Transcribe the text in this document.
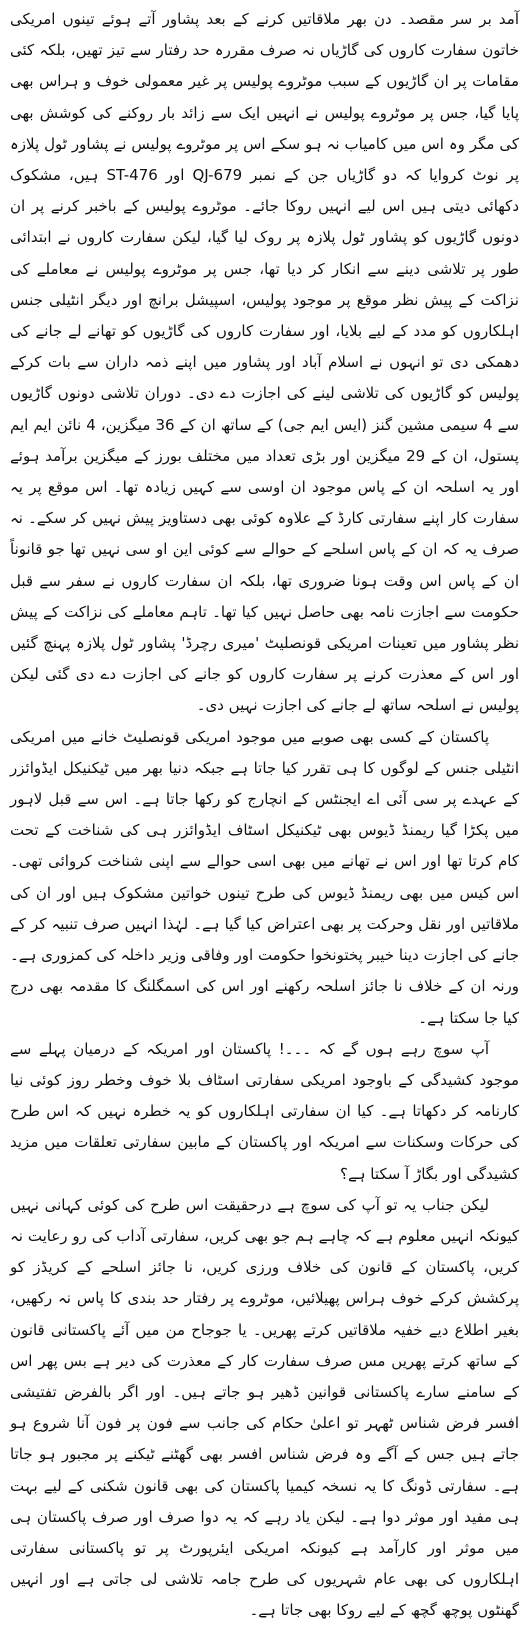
آمد بر سر مقصد۔ دن بھر ملاقاتیں کرنے کے بعد پشاور آتے ہوئے تینوں امریکی خاتون سفارت کاروں کی گاڑیاں نہ صرف مقررہ حد رفتار سے تیز تھیں، بلکہ کئی مقامات پر ان گاڑیوں کے سبب موٹروے پولیس پر غیر معمولی خوف و ہراس بھی پایا گیا، جس پر موٹروے پولیس نے انہیں ایک سے زائد بار روکنے کی کوشش بھی کی مگر وہ اس میں کامیاب نہ ہو سکے اس پر موٹروے پولیس نے پشاور ٹول پلازہ پر نوٹ کروایا کہ دو گاڑیاں جن کے نمبر QJ-679 اور ST-476 ہیں، مشکوک دکھائی دیتی ہیں اس لیے انہیں روکا جائے۔ موٹروے پولیس کے باخبر کرنے پر ان دونوں گاڑیوں کو پشاور ٹول پلازہ پر روک لیا گیا، لیکن سفارت کاروں نے ابتدائی طور پر تلاشی دینے سے انکار کر دیا تھا، جس پر موٹروے پولیس نے معاملے کی نزاکت کے پیش نظر موقع پر موجود پولیس، اسپیشل برانچ اور دیگر انٹیلی جنس اہلکاروں کو مدد کے لیے بلایا، اور سفارت کاروں کی گاڑیوں کو تھانے لے جانے کی دھمکی دی تو انہوں نے اسلام آباد اور پشاور میں اپنے ذمہ داران سے بات کرکے پولیس کو گاڑیوں کی تلاشی لینے کی اجازت دے دی۔ دوران تلاشی دونوں گاڑیوں سے 4 سیمی مشین گنز (ایس ایم جی) کے ساتھ ان کے 36 میگزین، 4 نائن ایم ایم پستول، ان کے 29 میگزین اور بڑی تعداد میں مختلف بورز کے میگزین برآمد ہوئے اور یہ اسلحہ ان کے پاس موجود ان اوسی سے کہیں زیادہ تھا۔ اس موقع پر یہ سفارت کار اپنے سفارتی کارڈ کے علاوہ کوئی بھی دستاویز پیش نہیں کر سکے۔ نہ صرف یہ کہ ان کے پاس اسلحے کے حوالے سے کوئی این او سی نہیں تھا جو قانوناً ان کے پاس اس وقت ہونا ضروری تھا، بلکہ ان سفارت کاروں نے سفر سے قبل حکومت سے اجازت نامہ بھی حاصل نہیں کیا تھا۔ تاہم معاملے کی نزاکت کے پیش نظر پشاور میں تعینات امریکی قونصلیٹ 'میری رچرڈ' پشاور ٹول پلازہ پہنچ گئیں اور اس کے معذرت کرنے پر سفارت کاروں کو جانے کی اجازت دے دی گئی لیکن پولیس نے اسلحہ ساتھ لے جانے کی اجازت نہیں دی۔

پاکستان کے کسی بھی صوبے میں موجود امریکی قونصلیٹ خانے میں امریکی انٹیلی جنس کے لوگوں کا ہی تقرر کیا جاتا ہے جبکہ دنیا بھر میں ٹیکنیکل ایڈوائزر کے عہدے پر سی آئی اے ایجنٹس کے انچارج کو رکھا جاتا ہے۔ اس سے قبل لاہور میں پکڑا گیا ریمنڈ ڈیوس بھی ٹیکنیکل اسٹاف ایڈوائزر ہی کی شناخت کے تحت کام کرتا تھا اور اس نے تھانے میں بھی اسی حوالے سے اپنی شناخت کروائی تھی۔ اس کیس میں بھی ریمنڈ ڈیوس کی طرح تینوں خواتین مشکوک ہیں اور ان کی ملاقاتیں اور نقل وحرکت پر بھی اعتراض کیا گیا ہے۔ لہٰذا انہیں صرف تنبیہ کر کے جانے کی اجازت دینا خیبر پختونخوا حکومت اور وفاقی وزیر داخلہ کی کمزوری ہے۔ ورنہ ان کے خلاف نا جائز اسلحہ رکھنے اور اس کی اسمگلنگ کا مقدمہ بھی درج کیا جا سکتا ہے۔

آپ سوچ رہے ہوں گے کہ ۔۔۔! پاکستان اور امریکہ کے درمیان پہلے سے موجود کشیدگی کے باوجود امریکی سفارتی اسٹاف بلا خوف وخطر روز کوئی نیا کارنامہ کر دکھاتا ہے۔ کیا ان سفارتی اہلکاروں کو یہ خطرہ نہیں کہ اس طرح کی حرکات وسکنات سے امریکہ اور پاکستان کے مابین سفارتی تعلقات میں مزید کشیدگی اور بگاڑ آ سکتا ہے؟

لیکن جناب یہ تو آپ کی سوچ ہے درحقیقت اس طرح کی کوئی کہانی نہیں کیونکہ انہیں معلوم ہے کہ چاہے ہم جو بھی کریں، سفارتی آداب کی رو رعایت نہ کریں، پاکستان کے قانون کی خلاف ورزی کریں، نا جائز اسلحے کے کریڈز کو پرکشش کرکے خوف ہراس پھیلائیں، موٹروے پر رفتار حد بندی کا پاس نہ رکھیں، بغیر اطلاع دیے خفیہ ملاقاتیں کرتے پھریں۔ یا جوجاح من میں آئے پاکستانی قانون کے ساتھ کرتے پھریں مس صرف سفارت کار کے معذرت کی دیر ہے بس پھر اس کے سامنے سارے پاکستانی قوانین ڈھیر ہو جاتے ہیں۔ اور اگر بالفرض تفتیشی افسر فرض شناس ٹھہر تو اعلیٰ حکام کی جانب سے فون پر فون آنا شروع ہو جاتے ہیں جس کے آگے وہ فرض شناس افسر بھی گھٹنے ٹیکنے پر مجبور ہو جاتا ہے۔ سفارتی ڈونگ کا یہ نسخہ کیمیا پاکستان کی بھی قانون شکنی کے لیے بہت ہی مفید اور موثر دوا ہے۔ لیکن یاد رہے کہ یہ دوا صرف اور صرف پاکستان ہی میں موثر اور کارآمد ہے کیونکہ امریکی ایئرپورٹ پر تو پاکستانی سفارتی اہلکاروں کی بھی عام شہریوں کی طرح جامہ تلاشی لی جاتی ہے اور انہیں گھنٹوں پوچھ گچھ کے لیے روکا بھی جاتا ہے۔
